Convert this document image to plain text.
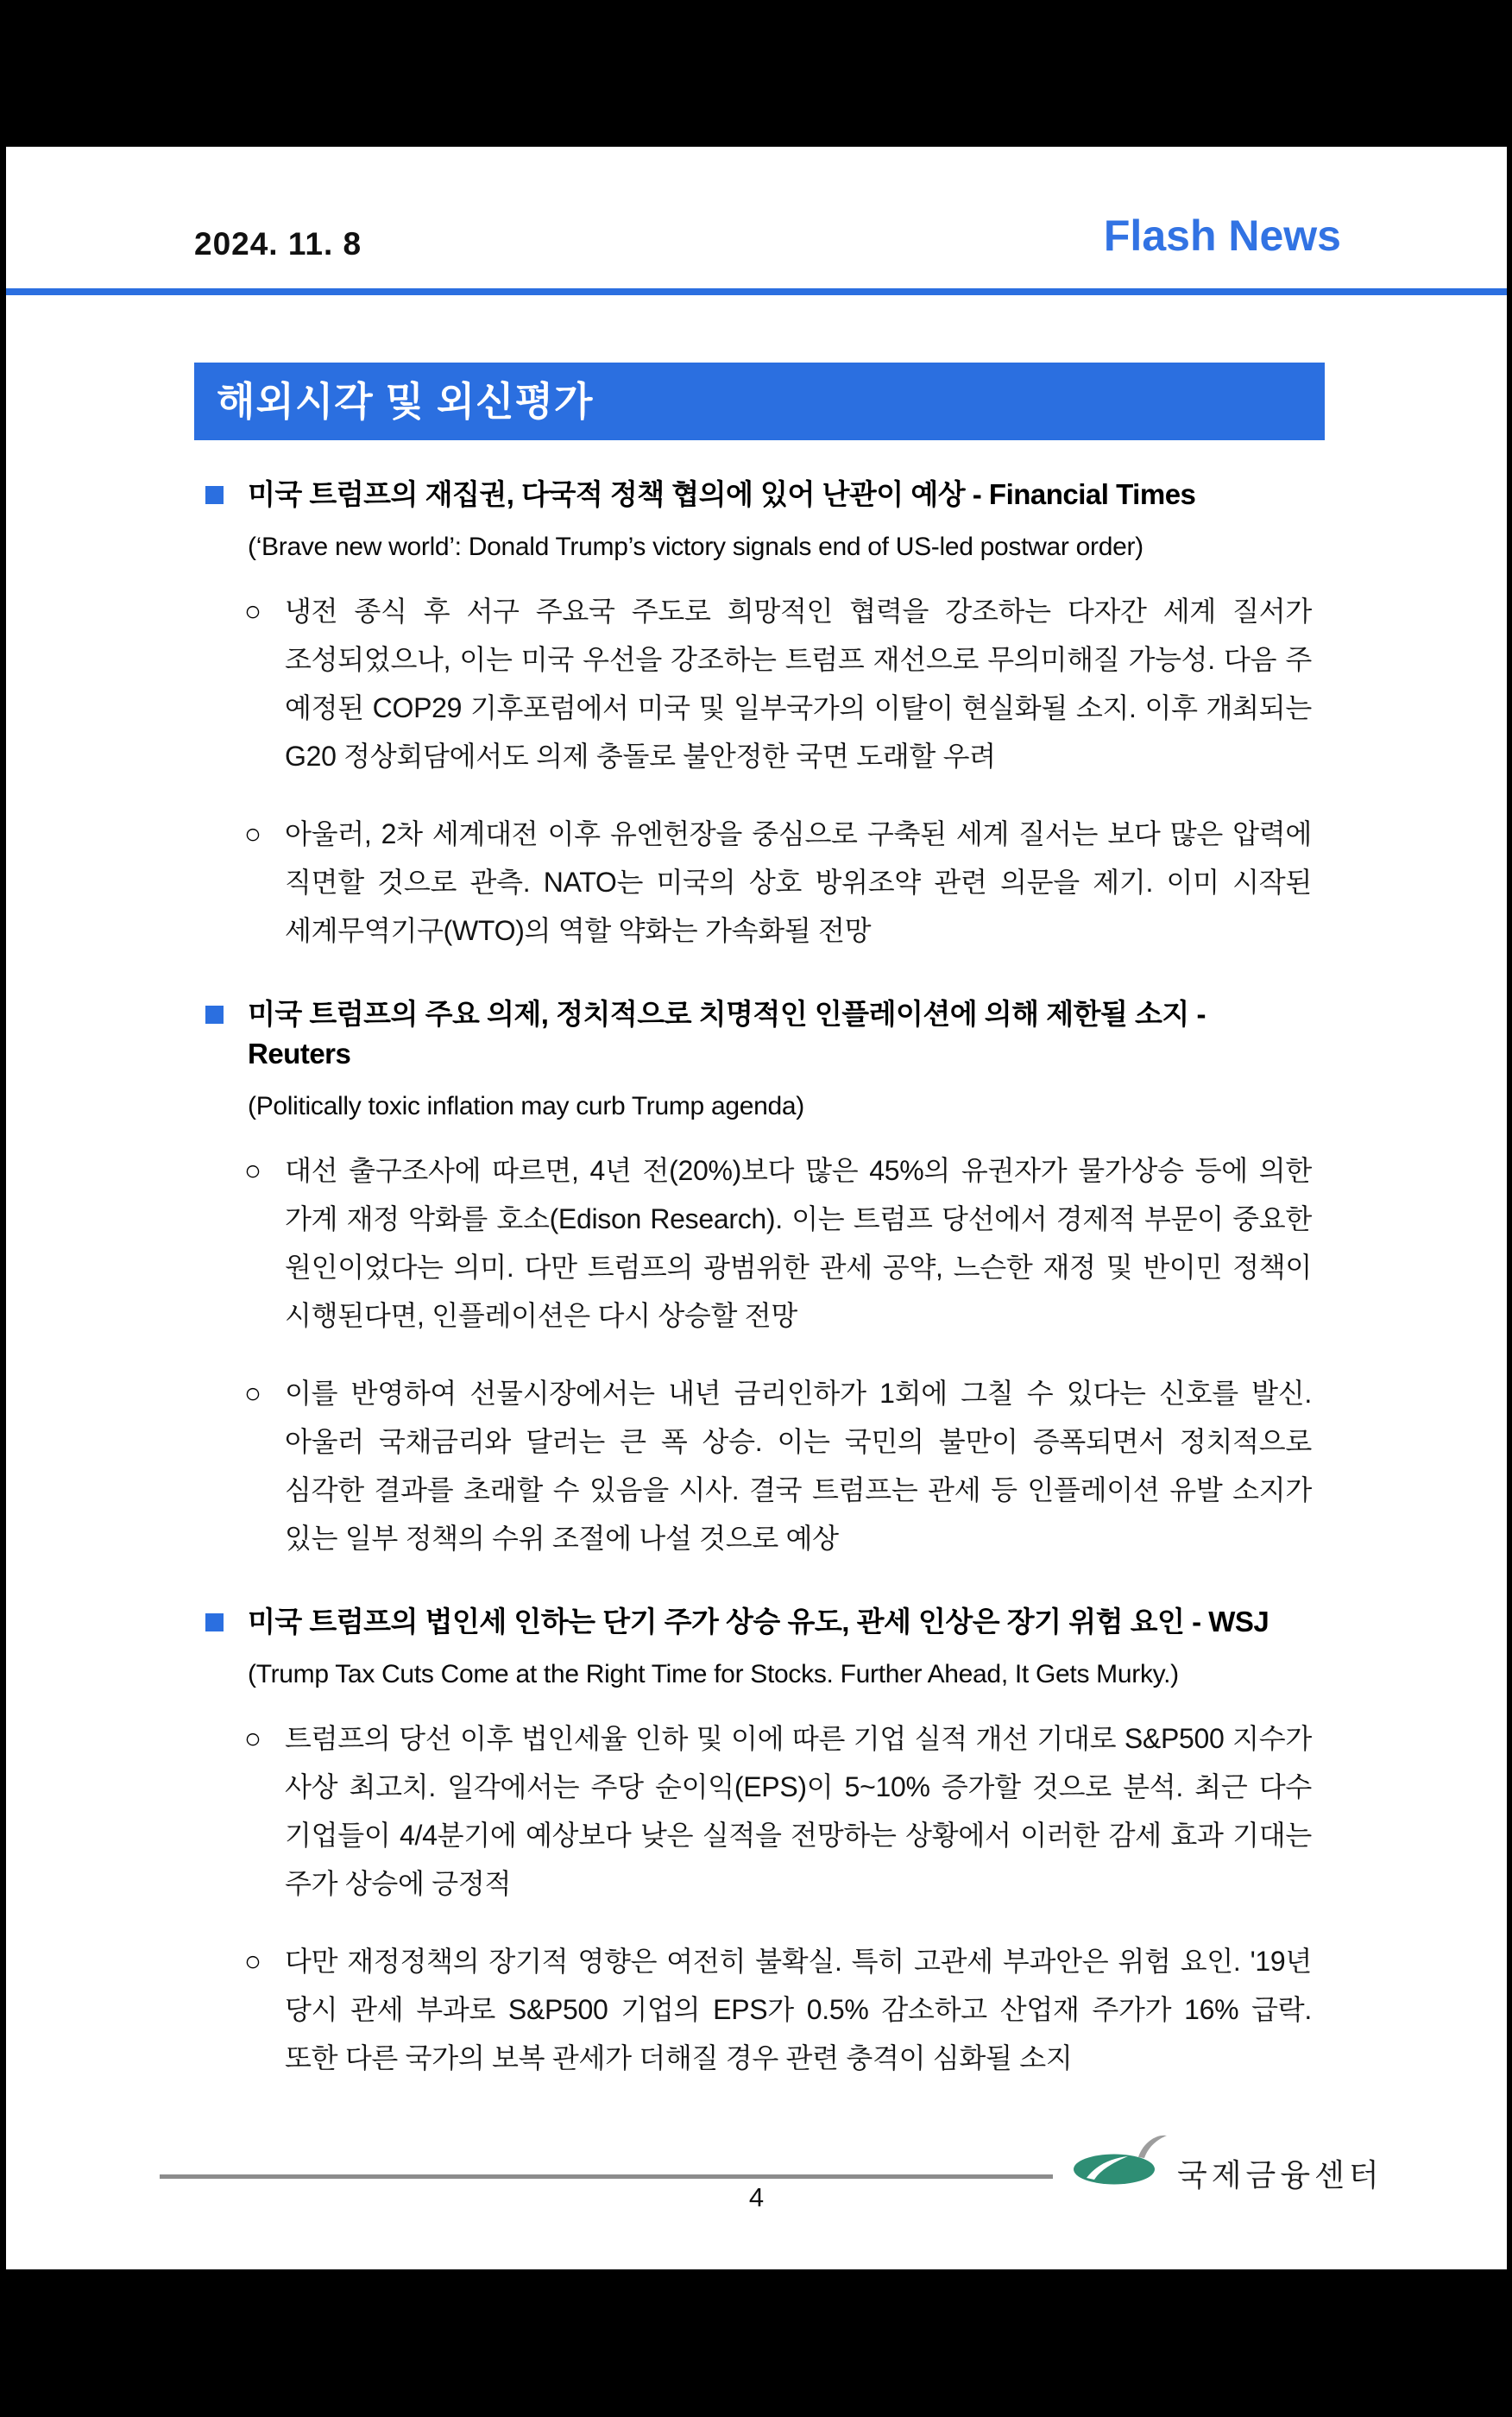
2024. 11. 8	Flash News
해외시각 및 외신평가
미국 트럼프의 재집권, 다국적 정책 협의에 있어 난관이 예상 - Financial Times
(‘Brave new world’: Donald Trump’s victory signals end of US-led postwar order)
○ 냉전 종식 후 서구 주요국 주도로 희망적인 협력을 강조하는 다자간 세계 질서가 조성되었으나, 이는 미국 우선을 강조하는 트럼프 재선으로 무의미해질 가능성. 다음 주 예정된 COP29 기후포럼에서 미국 및 일부국가의 이탈이 현실화될 소지. 이후 개최되는 G20 정상회담에서도 의제 충돌로 불안정한 국면 도래할 우려
○ 아울러, 2차 세계대전 이후 유엔헌장을 중심으로 구축된 세계 질서는 보다 많은 압력에 직면할 것으로 관측. NATO는 미국의 상호 방위조약 관련 의문을 제기. 이미 시작된 세계무역기구(WTO)의 역할 약화는 가속화될 전망
미국 트럼프의 주요 의제, 정치적으로 치명적인 인플레이션에 의해 제한될 소지 - Reuters
(Politically toxic inflation may curb Trump agenda)
○ 대선 출구조사에 따르면, 4년 전(20%)보다 많은 45%의 유권자가 물가상승 등에 의한 가계 재정 악화를 호소(Edison Research). 이는 트럼프 당선에서 경제적 부문이 중요한 원인이었다는 의미. 다만 트럼프의 광범위한 관세 공약, 느슨한 재정 및 반이민 정책이 시행된다면, 인플레이션은 다시 상승할 전망
○ 이를 반영하여 선물시장에서는 내년 금리인하가 1회에 그칠 수 있다는 신호를 발신. 아울러 국채금리와 달러는 큰 폭 상승. 이는 국민의 불만이 증폭되면서 정치적으로 심각한 결과를 초래할 수 있음을 시사. 결국 트럼프는 관세 등 인플레이션 유발 소지가 있는 일부 정책의 수위 조절에 나설 것으로 예상
미국 트럼프의 법인세 인하는 단기 주가 상승 유도, 관세 인상은 장기 위험 요인 - WSJ
(Trump Tax Cuts Come at the Right Time for Stocks. Further Ahead, It Gets Murky.)
○ 트럼프의 당선 이후 법인세율 인하 및 이에 따른 기업 실적 개선 기대로 S&P500 지수가 사상 최고치. 일각에서는 주당 순이익(EPS)이 5~10% 증가할 것으로 분석. 최근 다수 기업들이 4/4분기에 예상보다 낮은 실적을 전망하는 상황에서 이러한 감세 효과 기대는 주가 상승에 긍정적
○ 다만 재정정책의 장기적 영향은 여전히 불확실. 특히 고관세 부과안은 위험 요인. '19년 당시 관세 부과로 S&P500 기업의 EPS가 0.5% 감소하고 산업재 주가가 16% 급락. 또한 다른 국가의 보복 관세가 더해질 경우 관련 충격이 심화될 소지
국제금융센터
4
